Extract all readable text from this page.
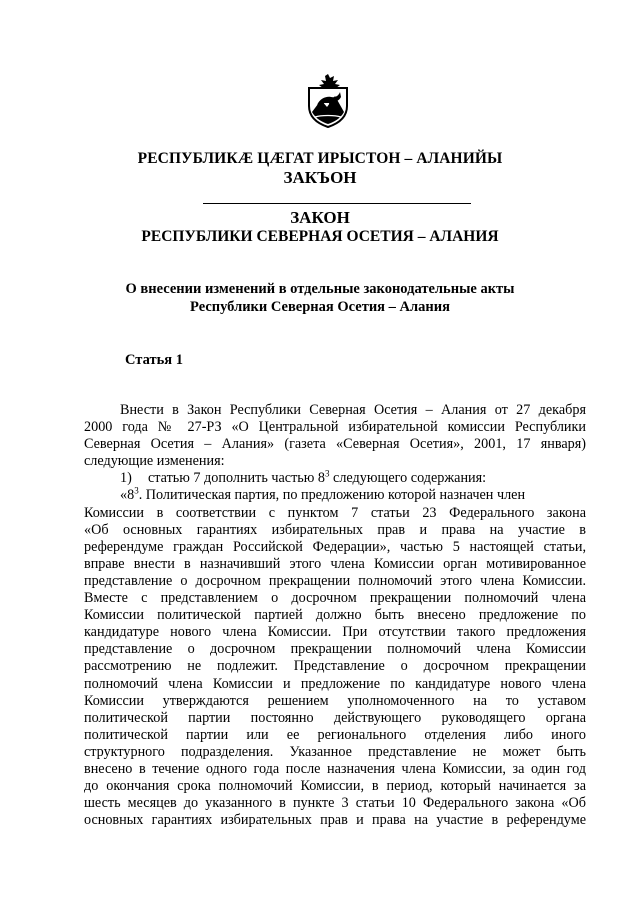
РЕСПУБЛИКӔ ЦӔГАТ ИРЫСТОН – АЛАНИЙЫ
ЗАКЪОН
ЗАКОН
РЕСПУБЛИКИ СЕВЕРНАЯ ОСЕТИЯ – АЛАНИЯ
О внесении изменений в отдельные законодательные акты
Республики Северная Осетия – Алания
Статья 1
Внести в Закон Республики Северная Осетия – Алания от 27 декабря
2000 года № 27-РЗ «О Центральной избирательной комиссии Республики
Северная Осетия – Алания» (газета «Северная Осетия», 2001, 17 января)
следующие изменения:
1) статью 7 дополнить частью $8^3$ следующего содержания:
«$8^3$. Политическая партия, по предложению которой назначен член
Комиссии в соответствии с пунктом 7 статьи 23 Федерального закона
«Об основных гарантиях избирательных прав и права на участие в
референдуме граждан Российской Федерации», частью 5 настоящей статьи,
вправе внести в назначивший этого члена Комиссии орган мотивированное
представление о досрочном прекращении полномочий этого члена Комиссии.
Вместе с представлением о досрочном прекращении полномочий члена
Комиссии политической партией должно быть внесено предложение по
кандидатуре нового члена Комиссии. При отсутствии такого предложения
представление о досрочном прекращении полномочий члена Комиссии
рассмотрению не подлежит. Представление о досрочном прекращении
полномочий члена Комиссии и предложение по кандидатуре нового члена
Комиссии утверждаются решением уполномоченного на то уставом
политической партии постоянно действующего руководящего органа
политической партии или ее регионального отделения либо иного
структурного подразделения. Указанное представление не может быть
внесено в течение одного года после назначения члена Комиссии, за один год
до окончания срока полномочий Комиссии, в период, который начинается за
шесть месяцев до указанного в пункте 3 статьи 10 Федерального закона «Об
основных гарантиях избирательных прав и права на участие в референдуме
